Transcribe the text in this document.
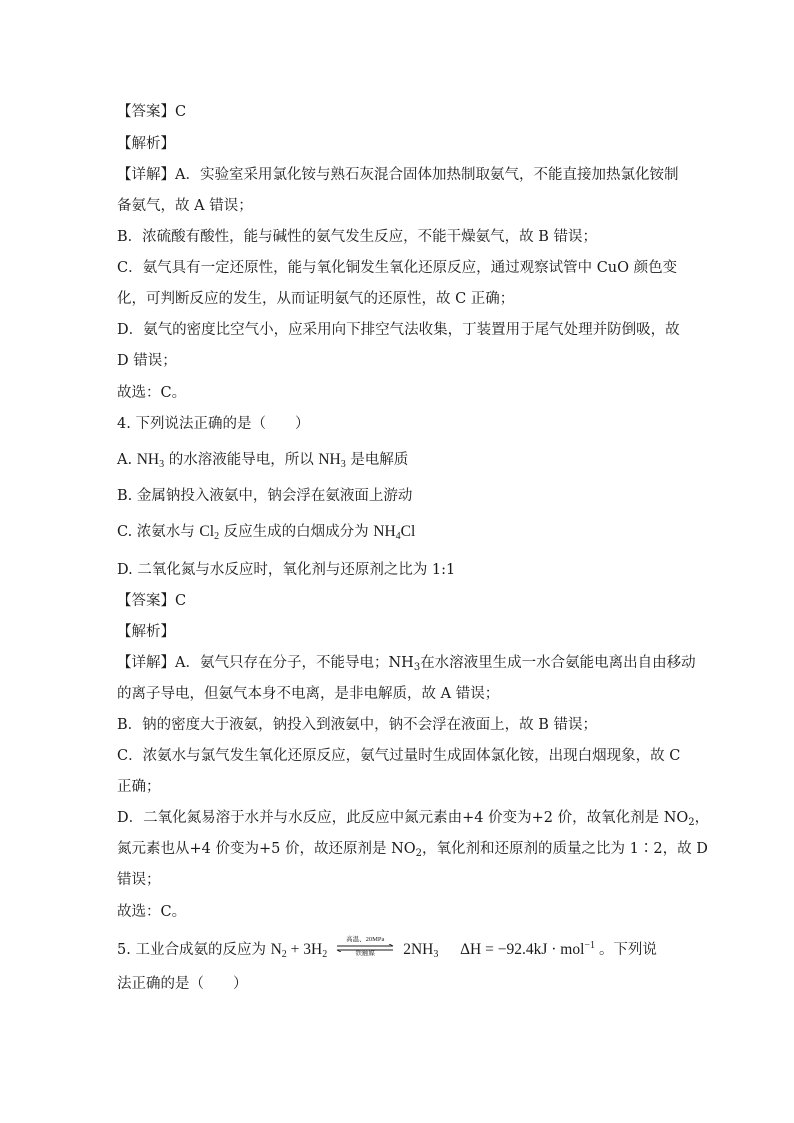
【答案】C
【解析】
【详解】A．实验室采用氯化铵与熟石灰混合固体加热制取氨气，不能直接加热氯化铵制
备氨气，故 A 错误；
B．浓硫酸有酸性，能与碱性的氨气发生反应，不能干燥氨气，故 B 错误；
C．氨气具有一定还原性，能与氧化铜发生氧化还原反应，通过观察试管中 CuO 颜色变
化，可判断反应的发生，从而证明氨气的还原性，故 C 正确；
D．氨气的密度比空气小，应采用向下排空气法收集，丁装置用于尾气处理并防倒吸，故
D 错误；
故选：C。
4. 下列说法正确的是（　　）
A. $NH_3$ 的水溶液能导电，所以 $NH_3$ 是电解质
B. 金属钠投入液氨中，钠会浮在氨液面上游动
C. 浓氨水与 $Cl_2$ 反应生成的白烟成分为 $NH_4Cl$
D. 二氧化氮与水反应时，氧化剂与还原剂之比为 1:1
【答案】C
【解析】
【详解】A．氨气只存在分子，不能导电；$NH_3$在水溶液里生成一水合氨能电离出自由移动
的离子导电，但氨气本身不电离，是非电解质，故 A 错误；
B．钠的密度大于液氨，钠投入到液氨中，钠不会浮在液面上，故 B 错误；
C．浓氨水与氯气发生氧化还原反应，氨气过量时生成固体氯化铵，出现白烟现象，故 C
正确；
D．二氧化氮易溶于水并与水反应，此反应中氮元素由+4 价变为+2 价，故氧化剂是 $NO_2$，
氮元素也从+4 价变为+5 价，故还原剂是 $NO_2$，氧化剂和还原剂的质量之比为 1∶2，故 D
错误；
故选：C。
5. 工业合成氨的反应为 $N_2 + 3H_2$
高温、20MPa
铁触媒	$2NH_3$ ΔH = −92.4kJ · mol$^{-1}$ 。下列说
法正确的是（　　）
